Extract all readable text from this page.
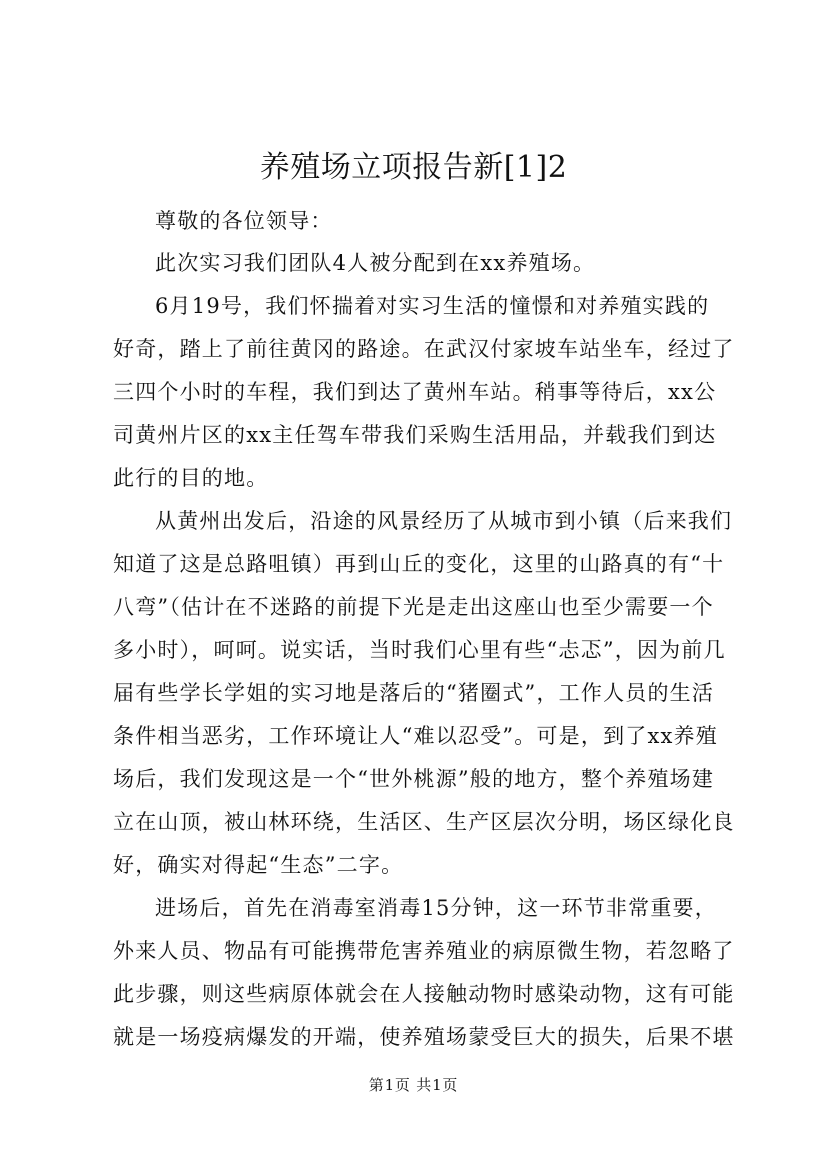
养殖场立项报告新[1]2
尊敬的各位领导：
此次实习我们团队4人被分配到在xx养殖场。
6月19号，我们怀揣着对实习生活的憧憬和对养殖实践的
好奇，踏上了前往黄冈的路途。在武汉付家坡车站坐车，经过了
三四个小时的车程，我们到达了黄州车站。稍事等待后，xx公
司黄州片区的xx主任驾车带我们采购生活用品，并载我们到达
此行的目的地。
从黄州出发后，沿途的风景经历了从城市到小镇（后来我们
知道了这是总路咀镇）再到山丘的变化，这里的山路真的有“十
八弯”（估计在不迷路的前提下光是走出这座山也至少需要一个
多小时），呵呵。说实话，当时我们心里有些“忐忑”，因为前几
届有些学长学姐的实习地是落后的“猪圈式”，工作人员的生活
条件相当恶劣，工作环境让人“难以忍受”。可是，到了xx养殖
场后，我们发现这是一个“世外桃源”般的地方，整个养殖场建
立在山顶，被山林环绕，生活区、生产区层次分明，场区绿化良
好，确实对得起“生态”二字。
进场后，首先在消毒室消毒15分钟，这一环节非常重要，
外来人员、物品有可能携带危害养殖业的病原微生物，若忽略了
此步骤，则这些病原体就会在人接触动物时感染动物，这有可能
就是一场疫病爆发的开端，使养殖场蒙受巨大的损失，后果不堪
第1页 共1页
